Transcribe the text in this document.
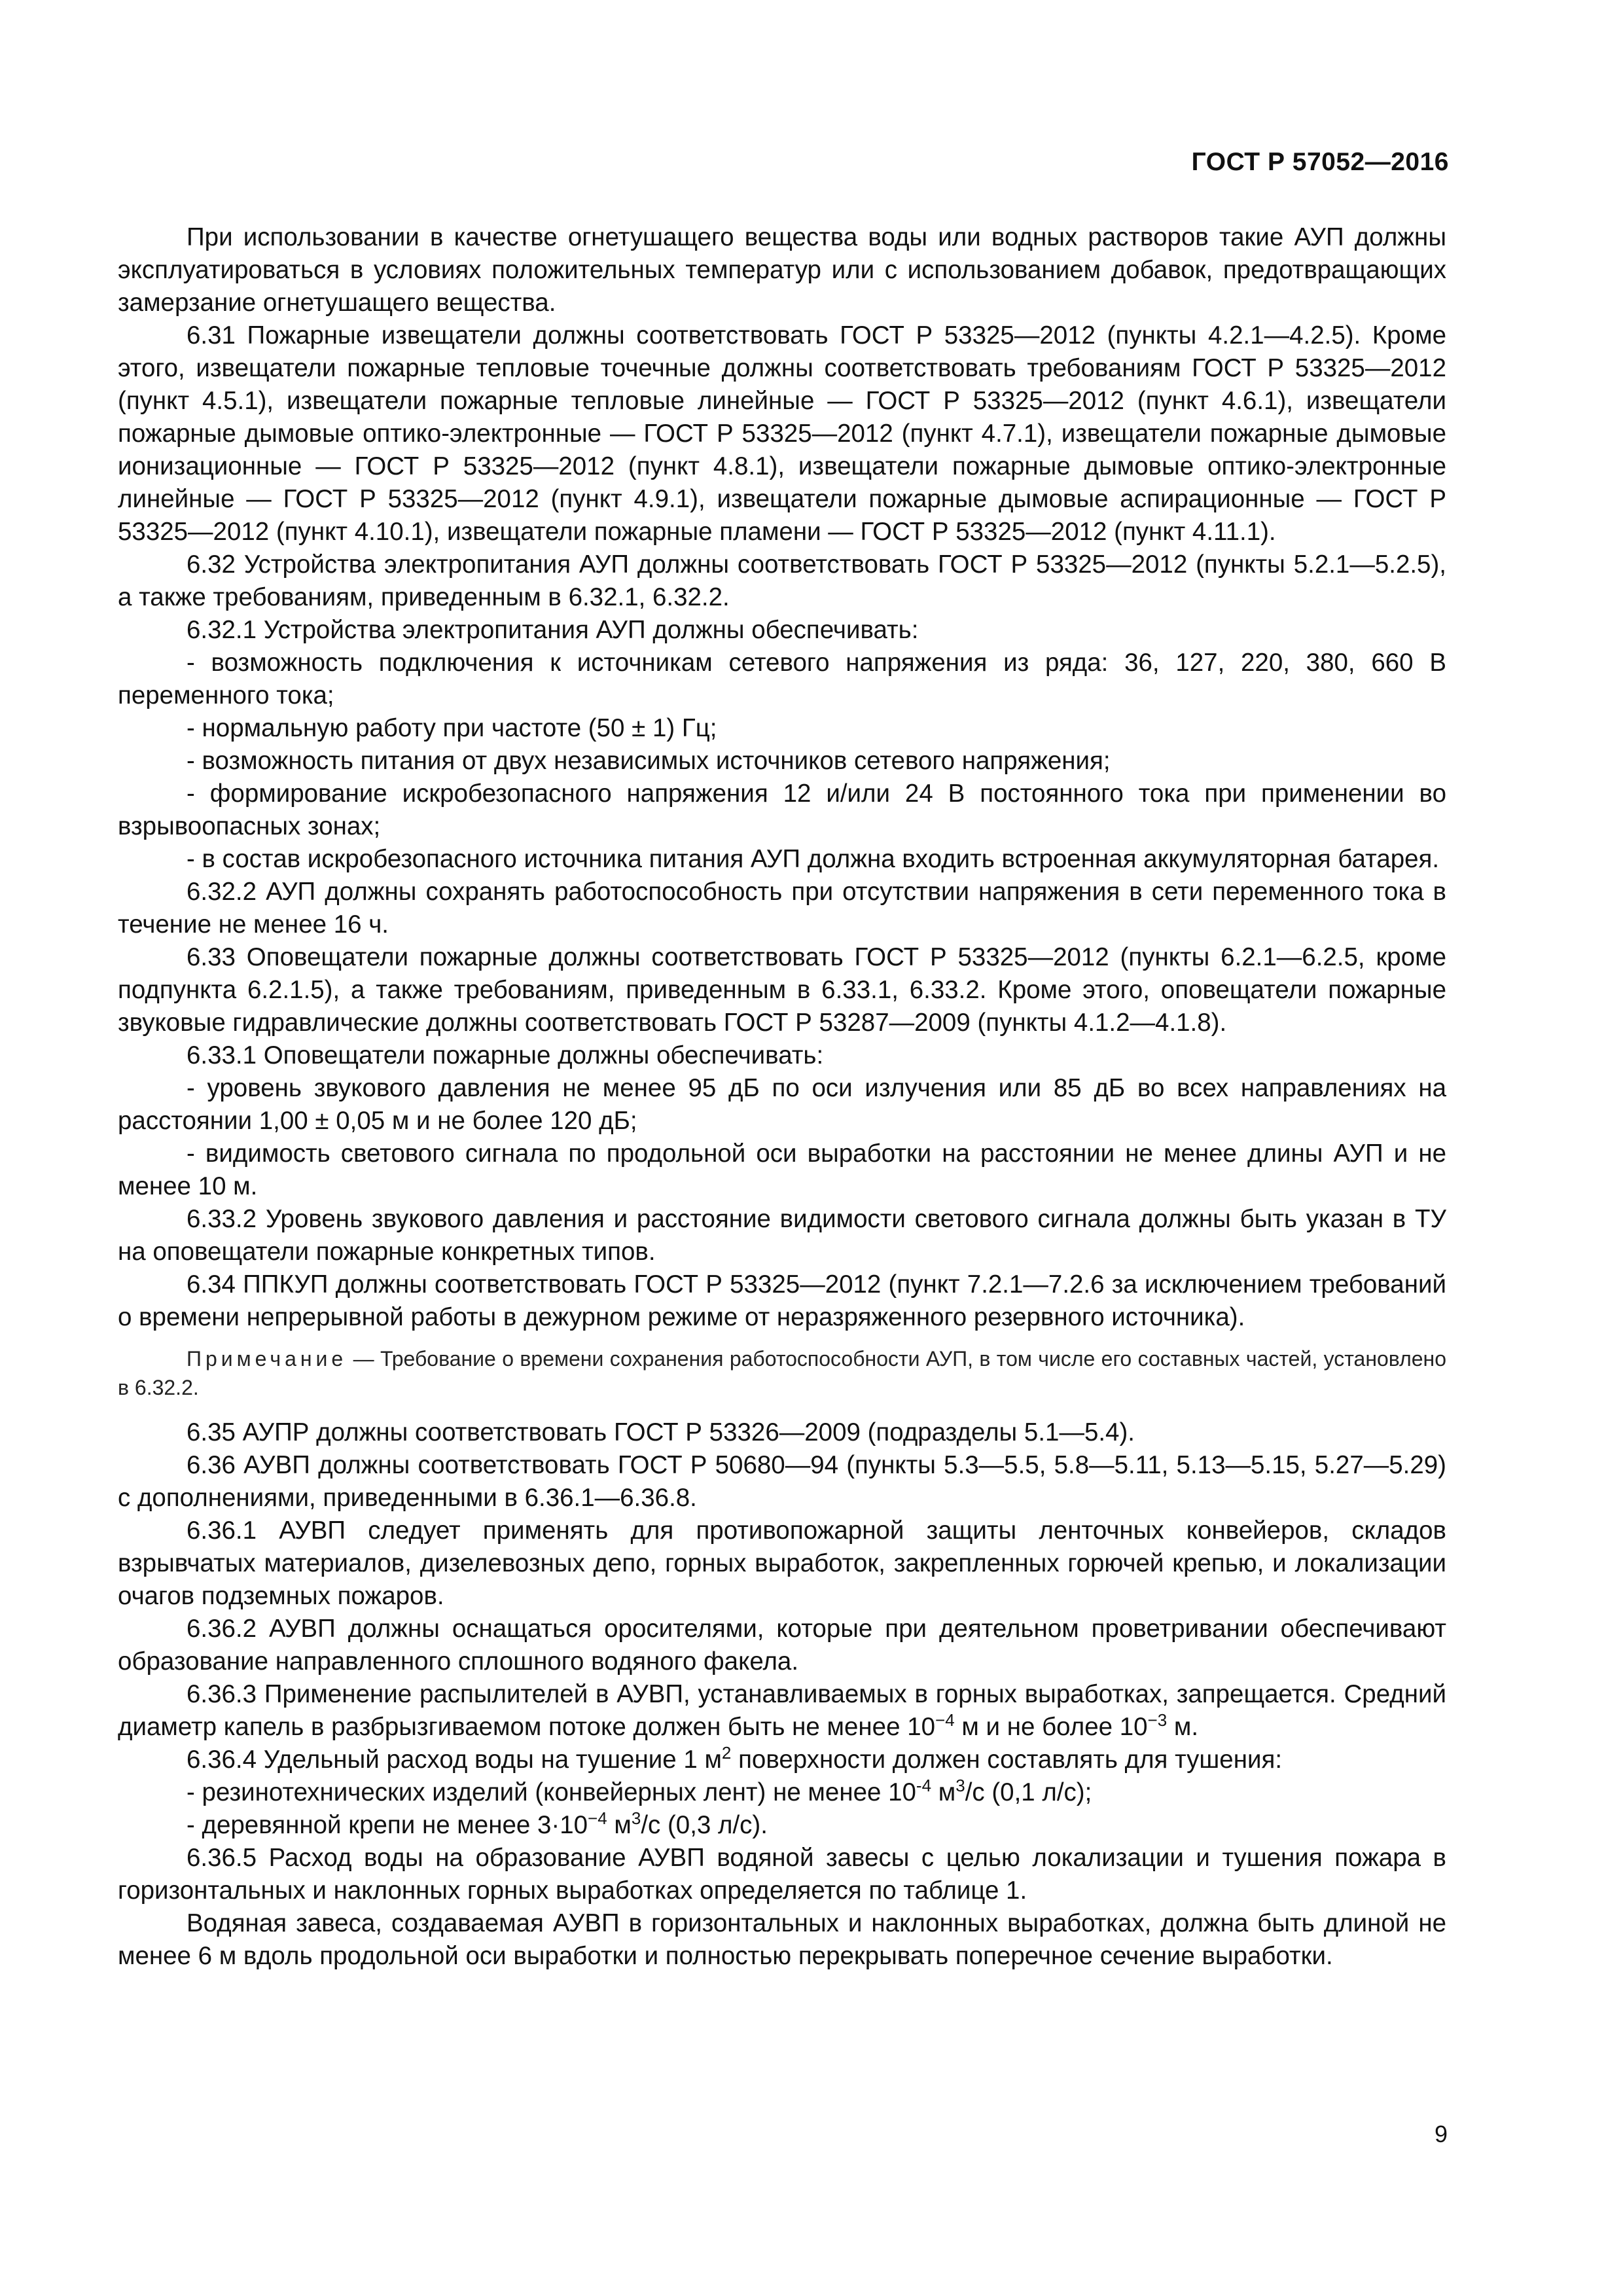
ГОСТ Р 57052—2016

При использовании в качестве огнетушащего вещества воды или водных растворов такие АУП должны эксплуатироваться в условиях положительных температур или с использованием добавок, предотвращающих замерзание огнетушащего вещества.

6.31 Пожарные извещатели должны соответствовать ГОСТ Р 53325—2012 (пункты 4.2.1—4.2.5). Кроме этого, извещатели пожарные тепловые точечные должны соответствовать требованиям ГОСТ Р 53325—2012 (пункт 4.5.1), извещатели пожарные тепловые линейные — ГОСТ Р 53325—2012 (пункт 4.6.1), извещатели пожарные дымовые оптико-электронные — ГОСТ Р 53325—2012 (пункт 4.7.1), извещатели пожарные дымовые ионизационные — ГОСТ Р 53325—2012 (пункт 4.8.1), извещатели пожарные дымовые оптико-электронные линейные — ГОСТ Р 53325—2012 (пункт 4.9.1), извещатели пожарные дымовые аспирационные — ГОСТ Р 53325—2012 (пункт 4.10.1), извещатели пожарные пламени — ГОСТ Р 53325—2012 (пункт 4.11.1).

6.32 Устройства электропитания АУП должны соответствовать ГОСТ Р 53325—2012 (пункты 5.2.1—5.2.5), а также требованиям, приведенным в 6.32.1, 6.32.2.

6.32.1 Устройства электропитания АУП должны обеспечивать:

- возможность подключения к источникам сетевого напряжения из ряда: 36, 127, 220, 380, 660 В переменного тока;

- нормальную работу при частоте (50 ± 1) Гц;

- возможность питания от двух независимых источников сетевого напряжения;

- формирование искробезопасного напряжения 12 и/или 24 В постоянного тока при применении во взрывоопасных зонах;

- в состав искробезопасного источника питания АУП должна входить встроенная аккумуляторная батарея.

6.32.2 АУП должны сохранять работоспособность при отсутствии напряжения в сети переменного тока в течение не менее 16 ч.

6.33 Оповещатели пожарные должны соответствовать ГОСТ Р 53325—2012 (пункты 6.2.1—6.2.5, кроме подпункта 6.2.1.5), а также требованиям, приведенным в 6.33.1, 6.33.2. Кроме этого, оповещатели пожарные звуковые гидравлические должны соответствовать ГОСТ Р 53287—2009 (пункты 4.1.2—4.1.8).

6.33.1 Оповещатели пожарные должны обеспечивать:

- уровень звукового давления не менее 95 дБ по оси излучения или 85 дБ во всех направлениях на расстоянии 1,00 ± 0,05 м и не более 120 дБ;

- видимость светового сигнала по продольной оси выработки на расстоянии не менее длины АУП и не менее 10 м.

6.33.2 Уровень звукового давления и расстояние видимости светового сигнала должны быть указан в ТУ на оповещатели пожарные конкретных типов.

6.34 ППКУП должны соответствовать ГОСТ Р 53325—2012 (пункт 7.2.1—7.2.6 за исключением требований о времени непрерывной работы в дежурном режиме от неразряженного резервного источника).

Примечание — Требование о времени сохранения работоспособности АУП, в том числе его составных частей, установлено в 6.32.2.

6.35 АУПР должны соответствовать ГОСТ Р 53326—2009 (подразделы 5.1—5.4).

6.36 АУВП должны соответствовать ГОСТ Р 50680—94 (пункты 5.3—5.5, 5.8—5.11, 5.13—5.15, 5.27—5.29) с дополнениями, приведенными в 6.36.1—6.36.8.

6.36.1 АУВП следует применять для противопожарной защиты ленточных конвейеров, складов взрывчатых материалов, дизелевозных депо, горных выработок, закрепленных горючей крепью, и локализации очагов подземных пожаров.

6.36.2 АУВП должны оснащаться оросителями, которые при деятельном проветривании обеспечивают образование направленного сплошного водяного факела.

6.36.3 Применение распылителей в АУВП, устанавливаемых в горных выработках, запрещается. Средний диаметр капель в разбрызгиваемом потоке должен быть не менее $10^{-4}$ м и не более $10^{-3}$ м.

6.36.4 Удельный расход воды на тушение 1 $м^2$ поверхности должен составлять для тушения:

- резинотехнических изделий (конвейерных лент) не менее $10^{-4}$ $м^3/с$ (0,1 л/с);

- деревянной крепи не менее $3\cdot 10^{-4}$ $м^3/с$ (0,3 л/с).

6.36.5 Расход воды на образование АУВП водяной завесы с целью локализации и тушения пожара в горизонтальных и наклонных горных выработках определяется по таблице 1.

Водяная завеса, создаваемая АУВП в горизонтальных и наклонных выработках, должна быть длиной не менее 6 м вдоль продольной оси выработки и полностью перекрывать поперечное сечение выработки.

9
